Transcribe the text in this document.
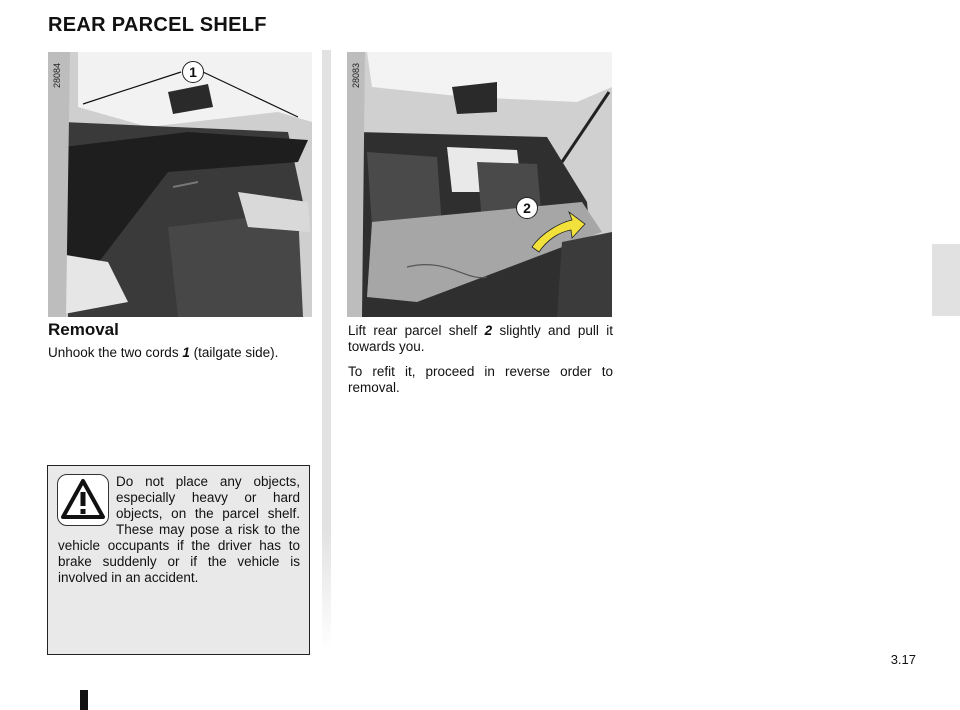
REAR PARCEL SHELF
28084	1	28083
2
Removal
Unhook the two cords 1 (tailgate side).
Lift rear parcel shelf 2 slightly and pull it towards you.
To refit it, proceed in reverse order to removal.
Do not place any objects, especially heavy or hard objects, on the parcel shelf. These may pose a risk to the vehicle occupants if the driver has to brake suddenly or if the vehicle is involved in an accident.
3.17
